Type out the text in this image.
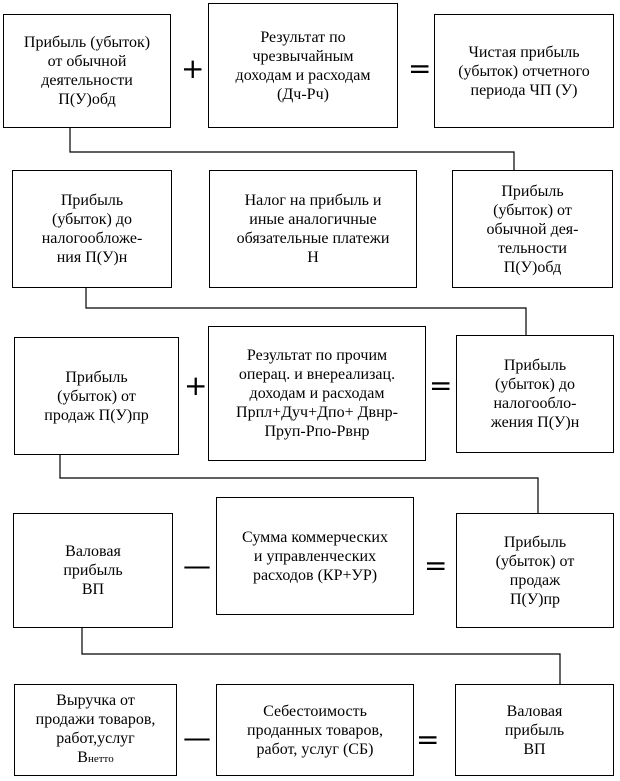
Прибыль (убыток)
от обычной
деятельности
П(У)обд
+
Результат по
чрезвычайным
доходам и расходам
(Дч-Рч)
= Чистая прибыль
(убыток) отчетного
периода ЧП (У)
Прибыль
(убыток) до
налогообложе-
ния П(У)н
Налог на прибыль и
иные аналогичные
обязательные платежи
Н
Прибыль
(убыток) от
обычной дея-
тельности
П(У)обд
Прибыль
(убыток) от
продаж П(У)пр
+
Результат по прочим
операц. и внереализац.
доходам и расходам
Прпл+Дуч+Дпо+ Двнр-
Пруп-Рпо-Рвнр
=
Прибыль
(убыток) до
налогообло-
жения П(У)н
Валовая
прибыль
ВП
—
Сумма коммерческих
и управленческих
расходов (КР+УР) =
Прибыль
(убыток) от
продаж
П(У)пр
Выручка от
продажи товаров,
работ,услуг
Внетто
—
Себестоимость
проданных товаров,
работ, услуг (СБ) =
Валовая
прибыль
ВП
